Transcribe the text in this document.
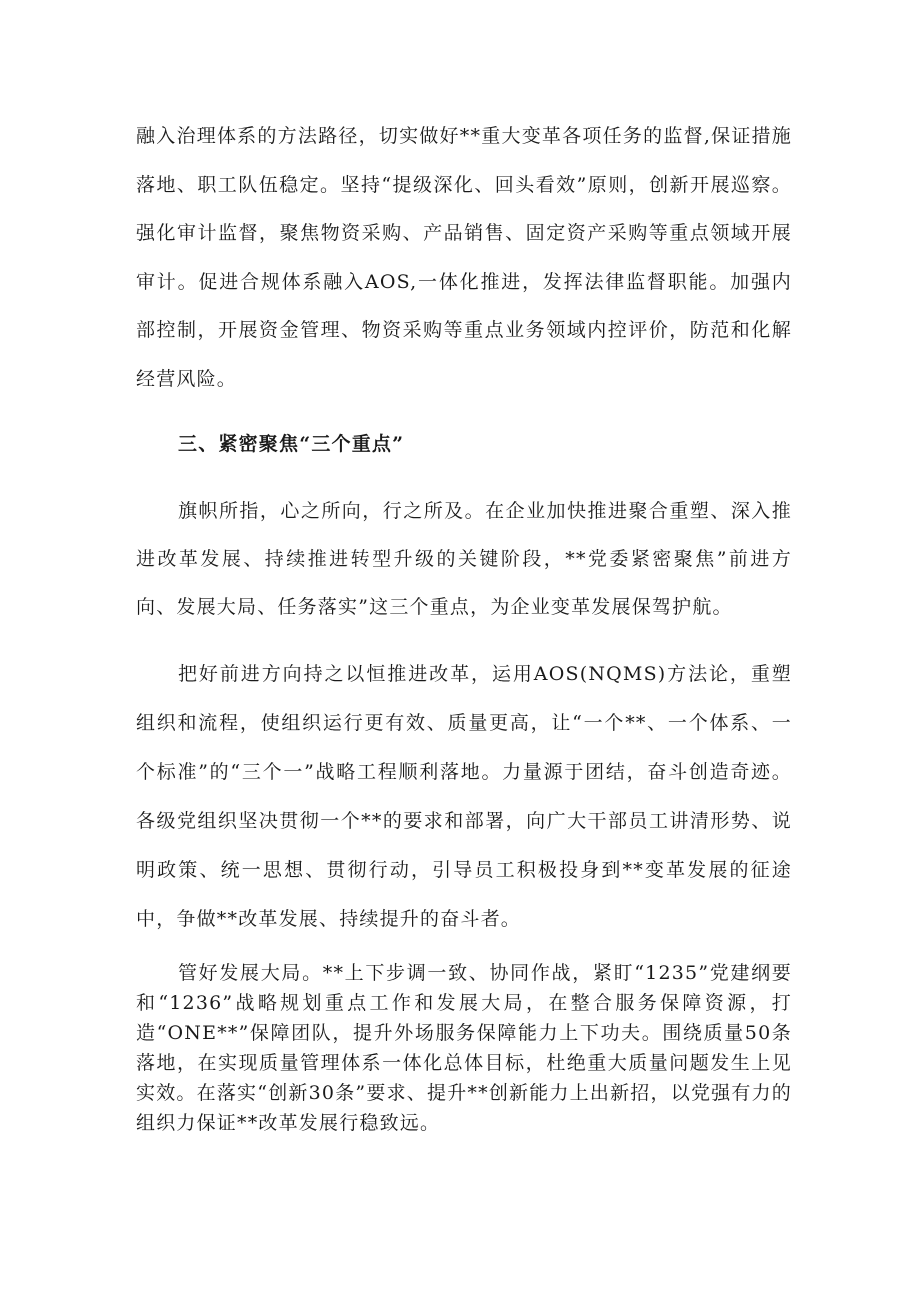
融入治理体系的方法路径，切实做好**重大变革各项任务的监督,保证措施落地、职工队伍稳定。坚持“提级深化、回头看效”原则，创新开展巡察。强化审计监督，聚焦物资采购、产品销售、固定资产采购等重点领域开展审计。促进合规体系融入AOS,一体化推进，发挥法律监督职能。加强内部控制，开展资金管理、物资采购等重点业务领域内控评价，防范和化解经营风险。

三、紧密聚焦“三个重点”

旗帜所指，心之所向，行之所及。在企业加快推进聚合重塑、深入推进改革发展、持续推进转型升级的关键阶段，**党委紧密聚焦”前进方向、发展大局、任务落实”这三个重点，为企业变革发展保驾护航。

把好前进方向持之以恒推进改革，运用AOS(NQMS)方法论，重塑组织和流程，使组织运行更有效、质量更高，让“一个**、一个体系、一个标准”的“三个一”战略工程顺利落地。力量源于团结，奋斗创造奇迹。各级党组织坚决贯彻一个**的要求和部署，向广大干部员工讲清形势、说明政策、统一思想、贯彻行动，引导员工积极投身到**变革发展的征途中，争做**改革发展、持续提升的奋斗者。

管好发展大局。**上下步调一致、协同作战，紧盯“1235”党建纲要和“1236”战略规划重点工作和发展大局，在整合服务保障资源，打造“ONE**”保障团队，提升外场服务保障能力上下功夫。围绕质量50条落地，在实现质量管理体系一体化总体目标，杜绝重大质量问题发生上见实效。在落实“创新30条”要求、提升**创新能力上出新招，以党强有力的组织力保证**改革发展行稳致远。
